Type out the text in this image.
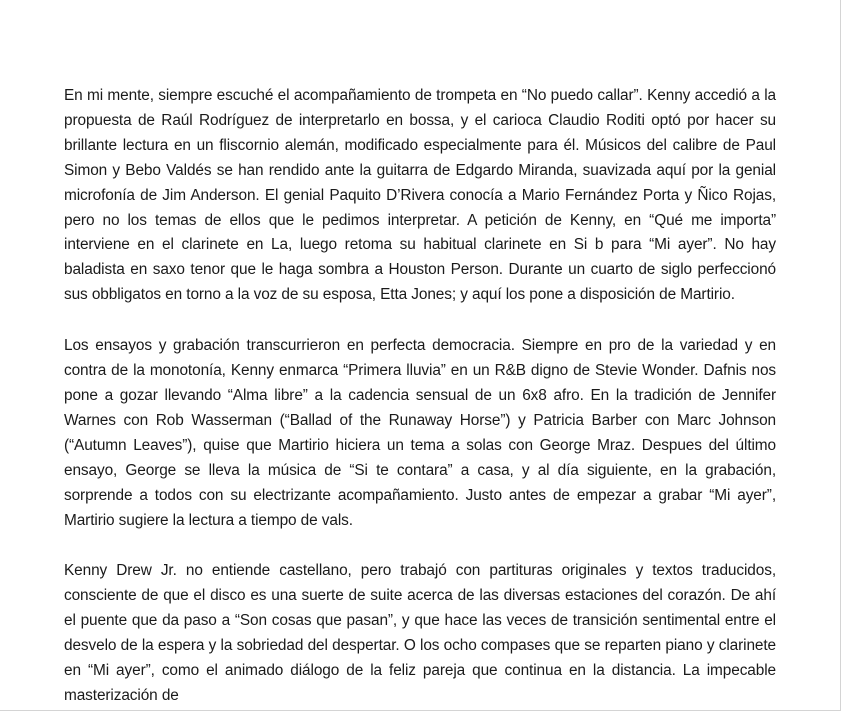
En mi mente, siempre escuché el acompañamiento de trompeta en “No puedo callar”. Kenny accedió a la propuesta de Raúl Rodríguez de interpretarlo en bossa, y el carioca Claudio Roditi optó por hacer su brillante lectura en un fliscornio alemán, modificado especialmente para él. Músicos del calibre de Paul Simon y Bebo Valdés se han rendido ante la guitarra de Edgardo Miranda, suavizada aquí por la genial microfonía de Jim Anderson. El genial Paquito D’Rivera conocía a Mario Fernández Porta y Ñico Rojas, pero no los temas de ellos que le pedimos interpretar. A petición de Kenny, en “Qué me importa” interviene en el clarinete en La, luego retoma su habitual clarinete en Si b para “Mi ayer”. No hay baladista en saxo tenor que le haga sombra a Houston Person. Durante un cuarto de siglo perfeccionó sus obbligatos en torno a la voz de su esposa, Etta Jones; y aquí los pone a disposición de Martirio.

Los ensayos y grabación transcurrieron en perfecta democracia. Siempre en pro de la variedad y en contra de la monotonía, Kenny enmarca “Primera lluvia” en un R&B digno de Stevie Wonder. Dafnis nos pone a gozar llevando “Alma libre” a la cadencia sensual de un 6x8 afro. En la tradición de Jennifer Warnes con Rob Wasserman (“Ballad of the Runaway Horse”) y Patricia Barber con Marc Johnson (“Autumn Leaves”), quise que Martirio hiciera un tema a solas con George Mraz. Despues del último ensayo, George se lleva la música de “Si te contara” a casa, y al día siguiente, en la grabación, sorprende a todos con su electrizante acompañamiento. Justo antes de empezar a grabar “Mi ayer”, Martirio sugiere la lectura a tiempo de vals.

Kenny Drew Jr. no entiende castellano, pero trabajó con partituras originales y textos traducidos, consciente de que el disco es una suerte de suite acerca de las diversas estaciones del corazón. De ahí el puente que da paso a “Son cosas que pasan”, y que hace las veces de transición sentimental entre el desvelo de la espera y la sobriedad del despertar. O los ocho compases que se reparten piano y clarinete en “Mi ayer”, como el animado diálogo de la feliz pareja que continua en la distancia. La impecable masterización de
